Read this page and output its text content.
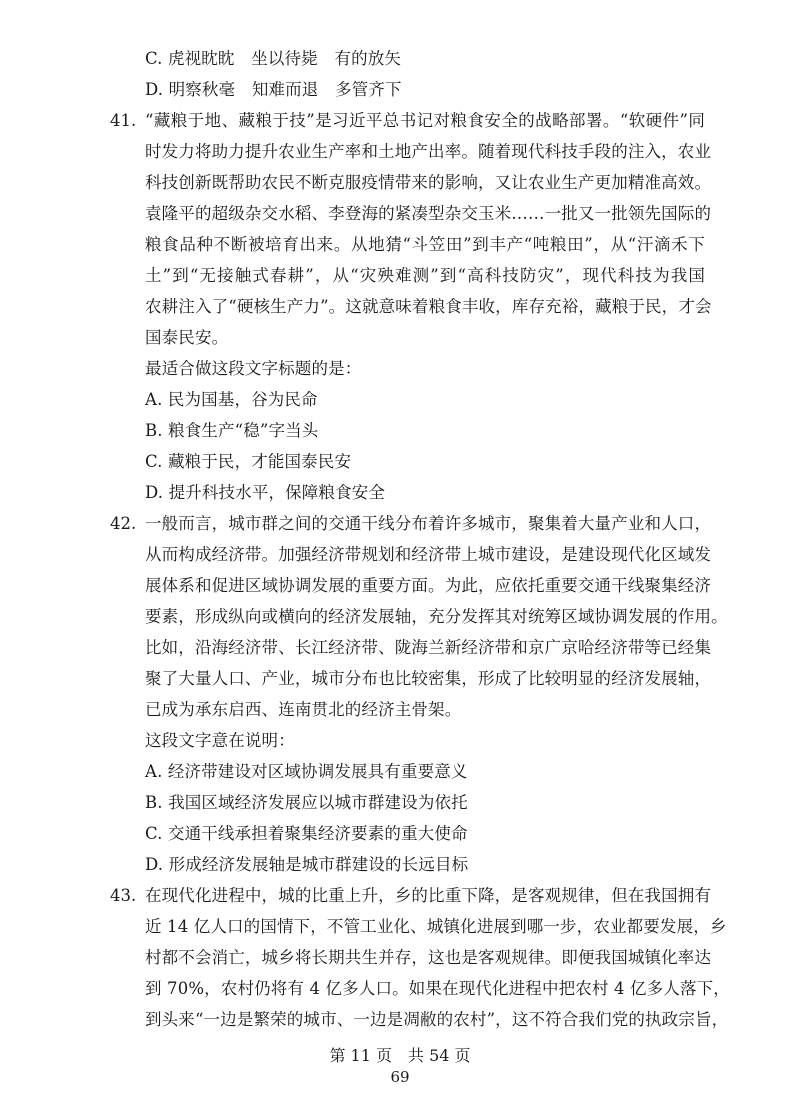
C. 虎视眈眈　坐以待毙　有的放矢
D. 明察秋毫　知难而退　多管齐下
41. “藏粮于地、藏粮于技”是习近平总书记对粮食安全的战略部署。“软硬件”同
时发力将助力提升农业生产率和土地产出率。随着现代科技手段的注入，农业
科技创新既帮助农民不断克服疫情带来的影响，又让农业生产更加精准高效。
袁隆平的超级杂交水稻、李登海的紧凑型杂交玉米……一批又一批领先国际的
粮食品种不断被培育出来。从地猜“斗笠田”到丰产“吨粮田”，从“汗滴禾下
土”到“无接触式春耕”，从“灾殃难测”到“高科技防灾”，现代科技为我国
农耕注入了“硬核生产力”。这就意味着粮食丰收，库存充裕，藏粮于民，才会
国泰民安。
最适合做这段文字标题的是：
A. 民为国基，谷为民命
B. 粮食生产“稳”字当头
C. 藏粮于民，才能国泰民安
D. 提升科技水平，保障粮食安全
42. 一般而言，城市群之间的交通干线分布着许多城市，聚集着大量产业和人口，
从而构成经济带。加强经济带规划和经济带上城市建设，是建设现代化区域发
展体系和促进区域协调发展的重要方面。为此，应依托重要交通干线聚集经济
要素，形成纵向或横向的经济发展轴，充分发挥其对统筹区域协调发展的作用。
比如，沿海经济带、长江经济带、陇海兰新经济带和京广京哈经济带等已经集
聚了大量人口、产业，城市分布也比较密集，形成了比较明显的经济发展轴，
已成为承东启西、连南贯北的经济主骨架。
这段文字意在说明：
A. 经济带建设对区域协调发展具有重要意义
B. 我国区域经济发展应以城市群建设为依托
C. 交通干线承担着聚集经济要素的重大使命
D. 形成经济发展轴是城市群建设的长远目标
43. 在现代化进程中，城的比重上升，乡的比重下降，是客观规律，但在我国拥有
近 14 亿人口的国情下，不管工业化、城镇化进展到哪一步，农业都要发展，乡
村都不会消亡，城乡将长期共生并存，这也是客观规律。即便我国城镇化率达
到 70%，农村仍将有 4 亿多人口。如果在现代化进程中把农村 4 亿多人落下，
到头来“一边是繁荣的城市、一边是凋敝的农村”，这不符合我们党的执政宗旨，
第 11 页　共 54 页
69
